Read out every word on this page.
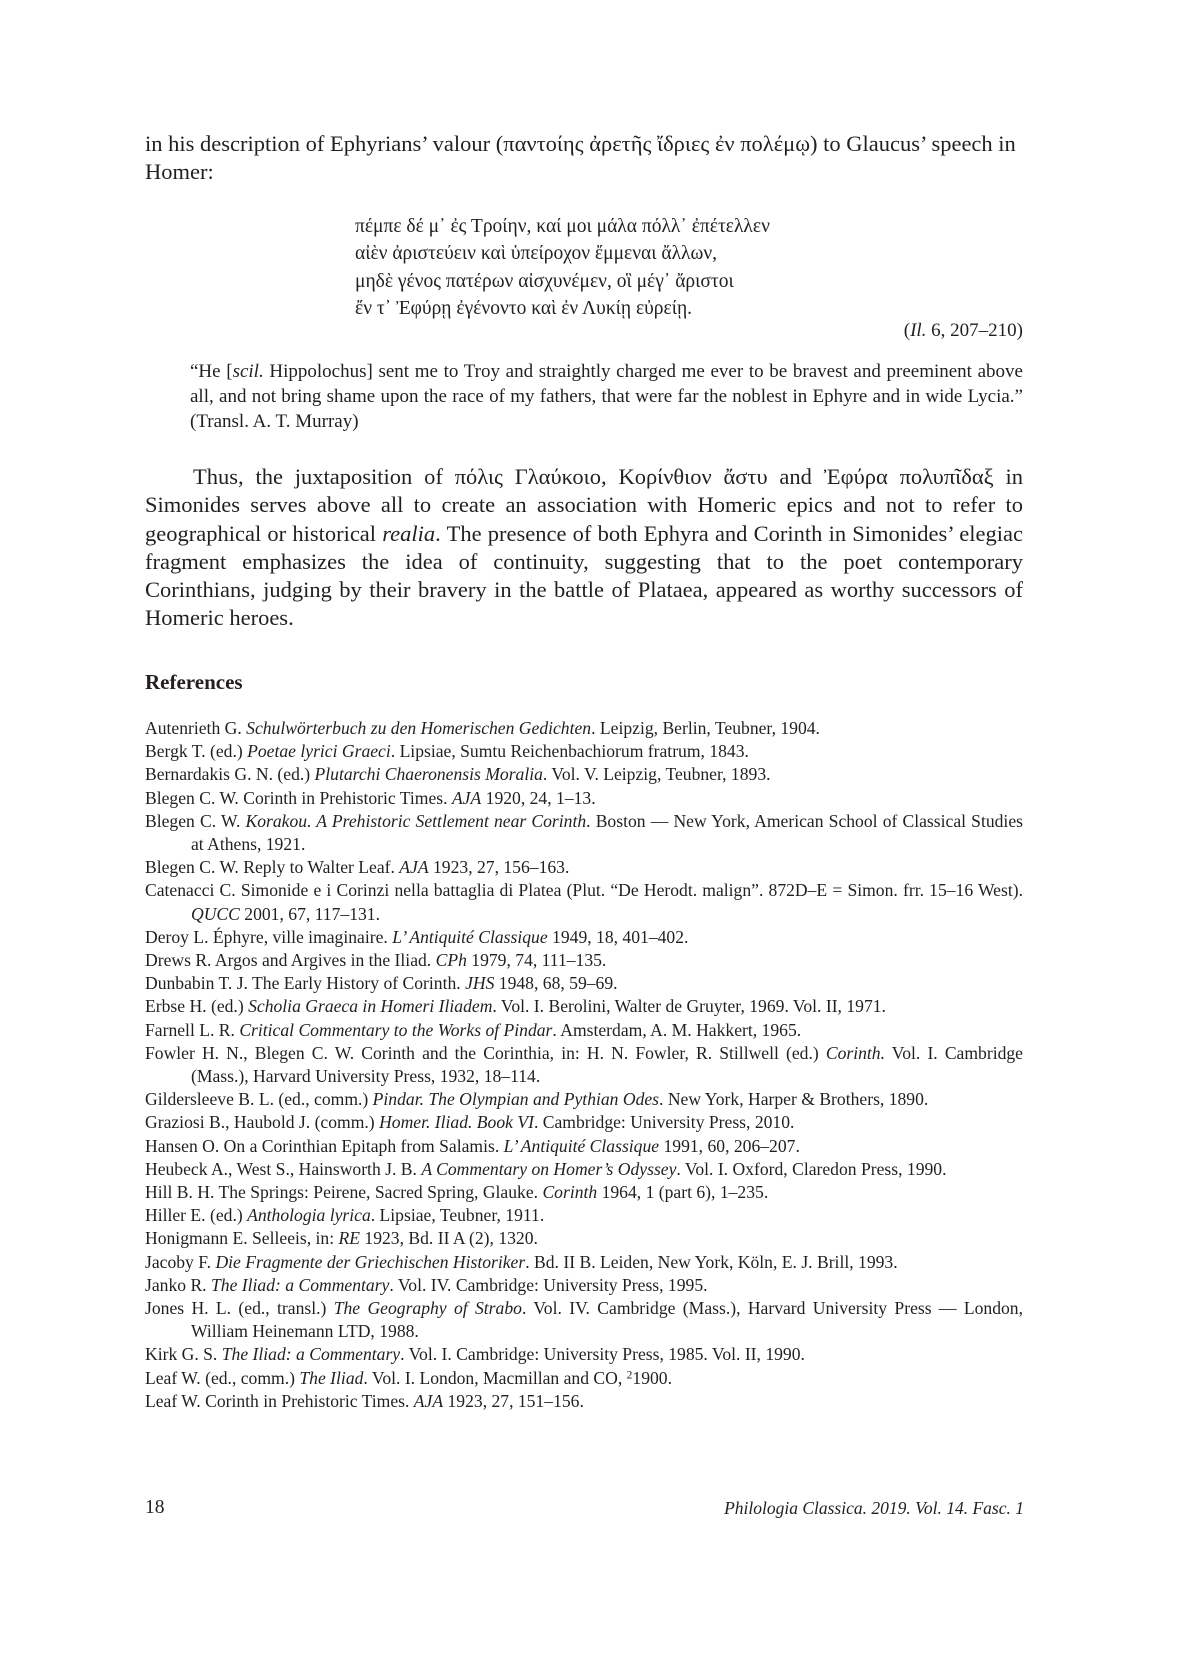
in his description of Ephyrians’ valour (παντοίης ἀρετῆς ἴδριες ἐν πολέμῳ) to Glaucus’ speech in Homer:

πέμπε δέ μ᾽ ἐς Τροίην, καί μοι μάλα πόλλ᾽ ἐπέτελλεν
αἰὲν ἀριστεύειν καὶ ὑπείροχον ἔμμεναι ἄλλων,
μηδὲ γένος πατέρων αἰσχυνέμεν, οἳ μέγ᾽ ἄριστοι
ἔν τ᾽ Ἐφύρῃ ἐγένοντο καὶ ἐν Λυκίῃ εὐρείῃ.
(Il. 6, 207–210)

“He [scil. Hippolochus] sent me to Troy and straightly charged me ever to be bravest and preeminent above all, and not bring shame upon the race of my fathers, that were far the noblest in Ephyre and in wide Lycia.” (Transl. A. T. Murray)

Thus, the juxtaposition of πόλις Γλαύκοιο, Κορίνθιον ἄστυ and Ἐφύρα πολυπῖδαξ in Simonides serves above all to create an association with Homeric epics and not to refer to geographical or historical realia. The presence of both Ephyra and Corinth in Simonides’ elegiac fragment emphasizes the idea of continuity, suggesting that to the poet contemporary Corinthians, judging by their bravery in the battle of Plataea, appeared as worthy successors of Homeric heroes.

References
Autenrieth G. Schulwörterbuch zu den Homerischen Gedichten. Leipzig, Berlin, Teubner, 1904.
Bergk T. (ed.) Poetae lyrici Graeci. Lipsiae, Sumtu Reichenbachiorum fratrum, 1843.
Bernardakis G. N. (ed.) Plutarchi Chaeronensis Moralia. Vol. V. Leipzig, Teubner, 1893.
Blegen C. W. Corinth in Prehistoric Times. AJA 1920, 24, 1–13.
Blegen C. W. Korakou. A Prehistoric Settlement near Corinth. Boston — New York, American School of Classical Studies at Athens, 1921.
Blegen C. W. Reply to Walter Leaf. AJA 1923, 27, 156–163.
Catenacci C. Simonide e i Corinzi nella battaglia di Platea (Plut. “De Herodt. malign”. 872D–E = Simon. frr. 15–16 West). QUCC 2001, 67, 117–131.
Deroy L. Éphyre, ville imaginaire. L’ Antiquité Classique 1949, 18, 401–402.
Drews R. Argos and Argives in the Iliad. CPh 1979, 74, 111–135.
Dunbabin T. J. The Early History of Corinth. JHS 1948, 68, 59–69.
Erbse H. (ed.) Scholia Graeca in Homeri Iliadem. Vol. I. Berolini, Walter de Gruyter, 1969. Vol. II, 1971.
Farnell L. R. Critical Commentary to the Works of Pindar. Amsterdam, A. M. Hakkert, 1965.
Fowler H. N., Blegen C. W. Corinth and the Corinthia, in: H. N. Fowler, R. Stillwell (ed.) Corinth. Vol. I. Cambridge (Mass.), Harvard University Press, 1932, 18–114.
Gildersleeve B. L. (ed., comm.) Pindar. The Olympian and Pythian Odes. New York, Harper & Brothers, 1890.
Graziosi B., Haubold J. (comm.) Homer. Iliad. Book VI. Cambridge: University Press, 2010.
Hansen O. On a Corinthian Epitaph from Salamis. L’ Antiquité Classique 1991, 60, 206–207.
Heubeck A., West S., Hainsworth J. B. A Commentary on Homer’s Odyssey. Vol. I. Oxford, Claredon Press, 1990.
Hill B. H. The Springs: Peirene, Sacred Spring, Glauke. Corinth 1964, 1 (part 6), 1–235.
Hiller E. (ed.) Anthologia lyrica. Lipsiae, Teubner, 1911.
Honigmann E. Selleeis, in: RE 1923, Bd. II A (2), 1320.
Jacoby F. Die Fragmente der Griechischen Historiker. Bd. II B. Leiden, New York, Köln, E. J. Brill, 1993.
Janko R. The Iliad: a Commentary. Vol. IV. Cambridge: University Press, 1995.
Jones H. L. (ed., transl.) The Geography of Strabo. Vol. IV. Cambridge (Mass.), Harvard University Press — London, William Heinemann LTD, 1988.
Kirk G. S. The Iliad: a Commentary. Vol. I. Cambridge: University Press, 1985. Vol. II, 1990.
Leaf W. (ed., comm.) The Iliad. Vol. I. London, Macmillan and CO, $^2$1900.
Leaf W. Corinth in Prehistoric Times. AJA 1923, 27, 151–156.
18	Philologia Classica. 2019. Vol. 14. Fasc. 1
